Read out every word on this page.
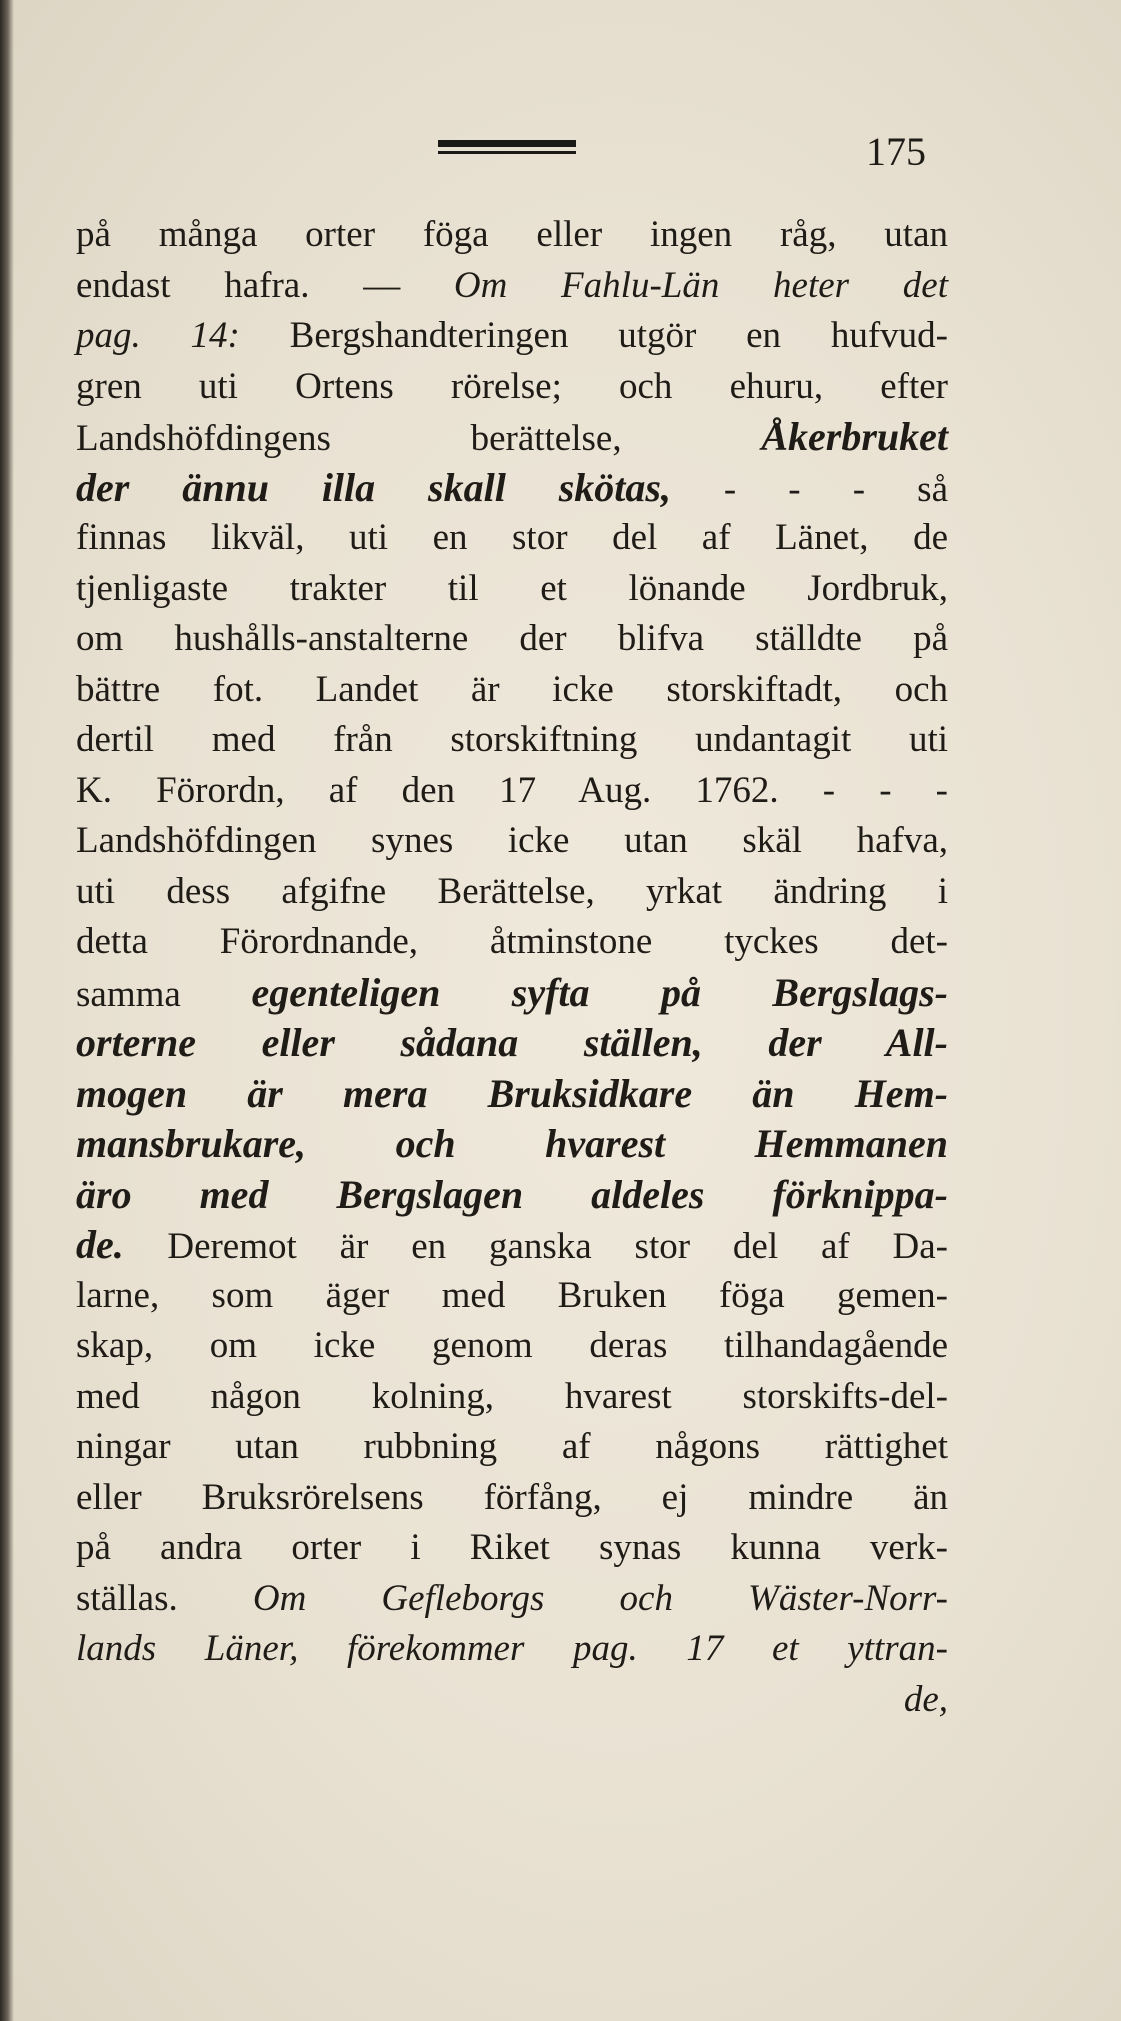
175
på många orter föga eller ingen råg, utan
endast hafra. — Om Fahlu-Län heter det
pag. 14: Bergshandteringen utgör en hufvud-
gren uti Ortens rörelse; och ehuru, efter
Landshöfdingens berättelse, Åkerbruket
der ännu illa skall skötas, - - - så
finnas likväl, uti en stor del af Länet, de
tjenligaste trakter til et lönande Jordbruk,
om hushålls-anstalterne der blifva ställdte på
bättre fot. Landet är icke storskiftadt, och
dertil med från storskiftning undantagit uti
K. Förordn, af den 17 Aug. 1762. - - -
Landshöfdingen synes icke utan skäl hafva,
uti dess afgifne Berättelse, yrkat ändring i
detta Förordnande, åtminstone tyckes det-
samma egenteligen syfta på Bergslags-
orterne eller sådana ställen, der All-
mogen är mera Bruksidkare än Hem-
mansbrukare, och hvarest Hemmanen
äro med Bergslagen aldeles förknippa-
de. Deremot är en ganska stor del af Da-
larne, som äger med Bruken föga gemen-
skap, om icke genom deras tilhandagående
med någon kolning, hvarest storskifts-del-
ningar utan rubbning af någons rättighet
eller Bruksrörelsens förfång, ej mindre än
på andra orter i Riket synas kunna verk-
ställas. Om Gefleborgs och Wäster-Norr-
lands Läner, förekommer pag. 17 et yttran-
de,
